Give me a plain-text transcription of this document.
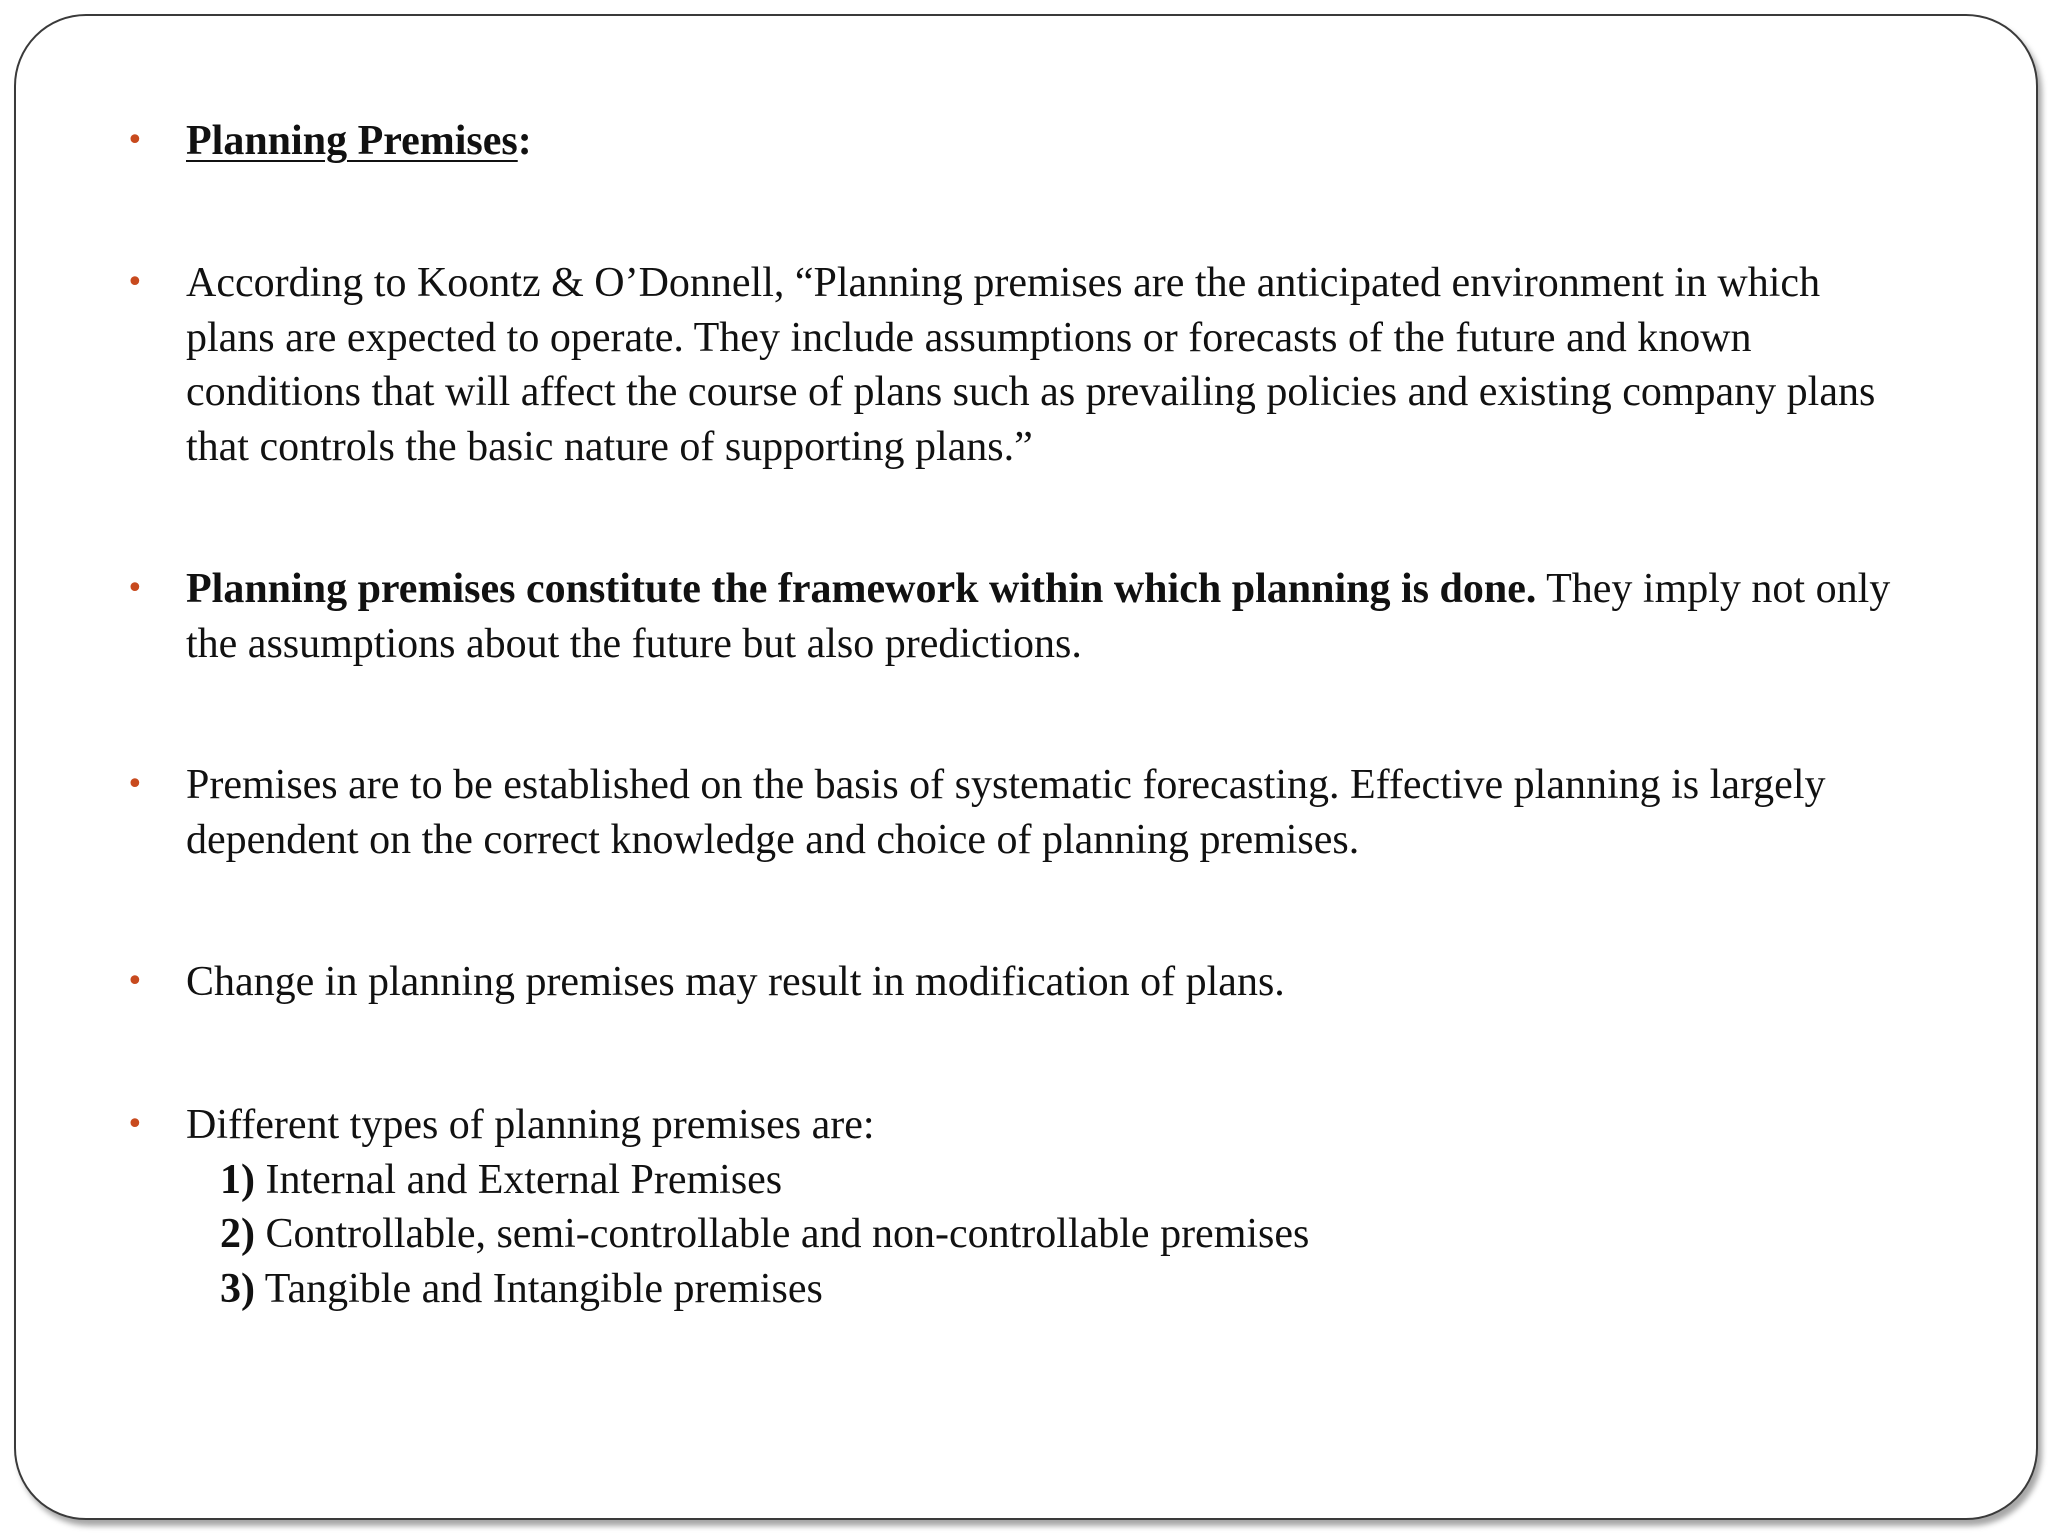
• Planning Premises:
• According to Koontz & O’Donnell, “Planning premises are the anticipated environment in which plans are expected to operate. They include assumptions or forecasts of the future and known conditions that will affect the course of plans such as prevailing policies and existing company plans that controls the basic nature of supporting plans.”
• Planning premises constitute the framework within which planning is done. They imply not only the assumptions about the future but also predictions.
• Premises are to be established on the basis of systematic forecasting. Effective planning is largely dependent on the correct knowledge and choice of planning premises.
• Change in planning premises may result in modification of plans.
• Different types of planning premises are:
1) Internal and External Premises
2) Controllable, semi-controllable and non-controllable premises
3) Tangible and Intangible premises
